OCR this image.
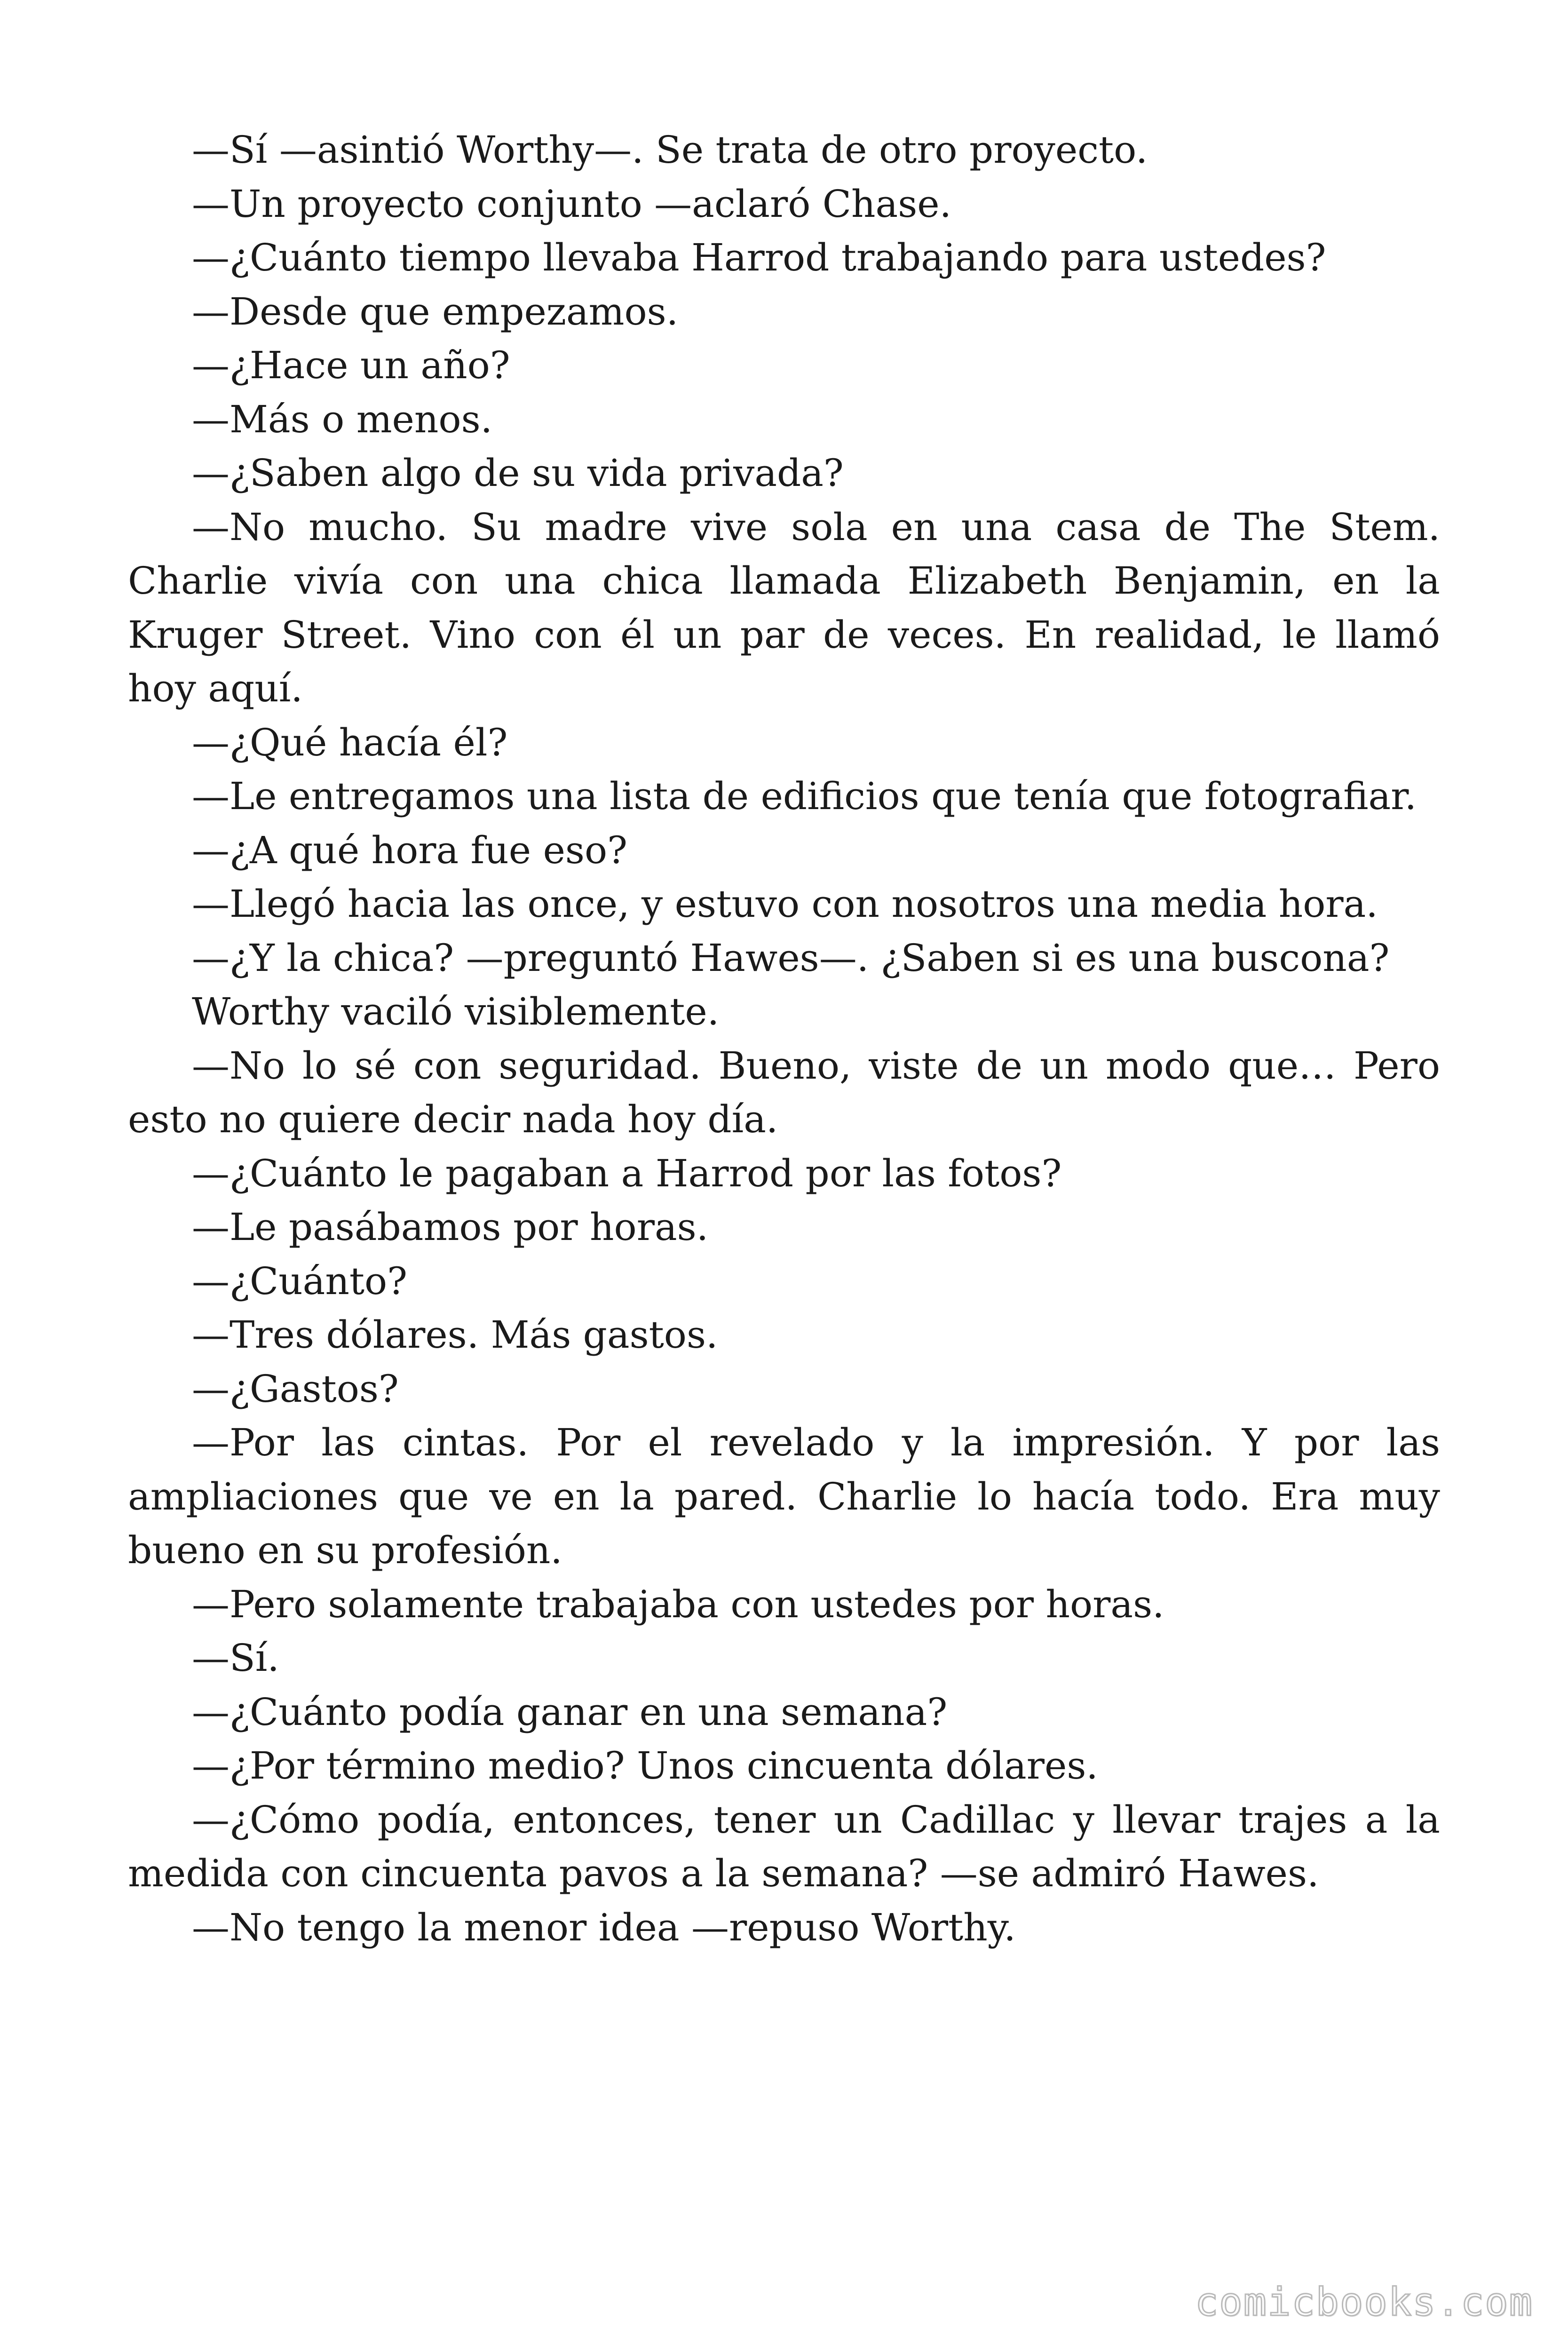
—Sí —asintió Worthy—. Se trata de otro proyecto.

—Un proyecto conjunto —aclaró Chase.

—¿Cuánto tiempo llevaba Harrod trabajando para ustedes?

—Desde que empezamos.

—¿Hace un año?

—Más o menos.

—¿Saben algo de su vida privada?

—No mucho. Su madre vive sola en una casa de The Stem. Charlie vivía con una chica llamada Elizabeth Benjamin, en la Kruger Street. Vino con él un par de veces. En realidad, le llamó hoy aquí.

—¿Qué hacía él?

—Le entregamos una lista de edificios que tenía que fotografiar.

—¿A qué hora fue eso?

—Llegó hacia las once, y estuvo con nosotros una media hora.

—¿Y la chica? —preguntó Hawes—. ¿Saben si es una buscona?

Worthy vaciló visiblemente.

—No lo sé con seguridad. Bueno, viste de un modo que… Pero esto no quiere decir nada hoy día.

—¿Cuánto le pagaban a Harrod por las fotos?

—Le pasábamos por horas.

—¿Cuánto?

—Tres dólares. Más gastos.

—¿Gastos?

—Por las cintas. Por el revelado y la impresión. Y por las ampliaciones que ve en la pared. Charlie lo hacía todo. Era muy bueno en su profesión.

—Pero solamente trabajaba con ustedes por horas.

—Sí.

—¿Cuánto podía ganar en una semana?

—¿Por término medio? Unos cincuenta dólares.

—¿Cómo podía, entonces, tener un Cadillac y llevar trajes a la medida con cincuenta pavos a la semana? —se admiró Hawes.

—No tengo la menor idea —repuso Worthy.

comicbooks.com
